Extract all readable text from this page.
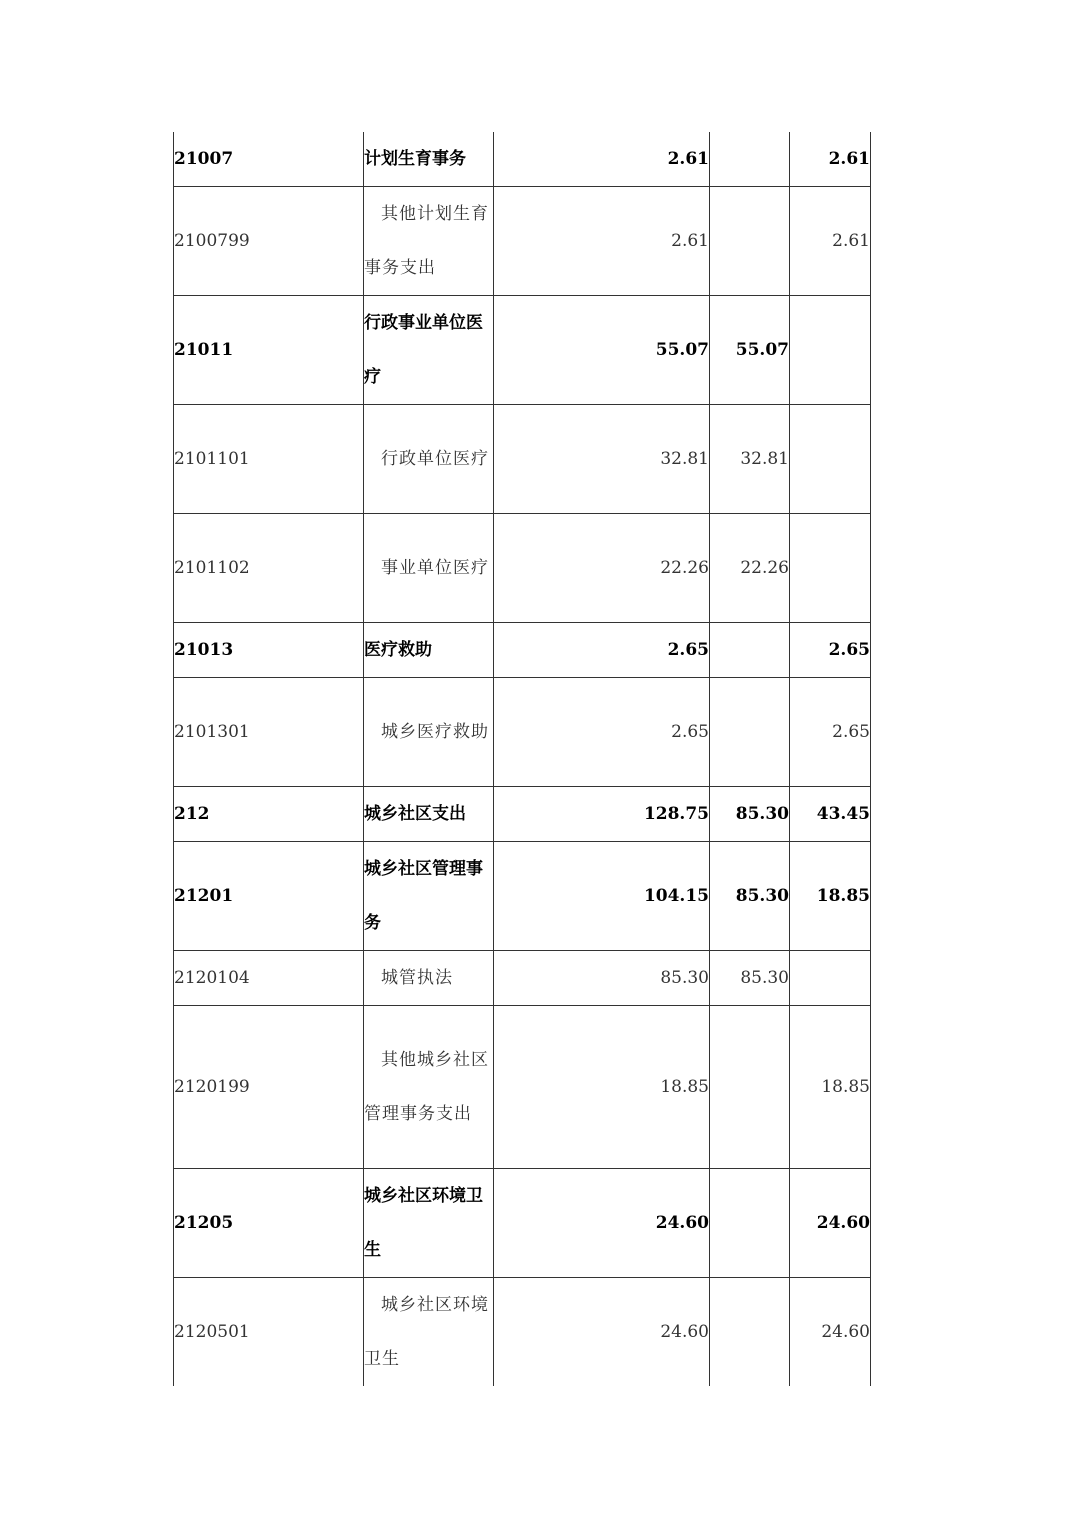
21007	计划生育事务	2.61		2.61
2100799	其他计划生育事务支出	2.61		2.61
21011	行政事业单位医疗	55.07	55.07	
2101101	行政单位医疗	32.81	32.81	
2101102	事业单位医疗	22.26	22.26	
21013	医疗救助	2.65		2.65
2101301	城乡医疗救助	2.65		2.65
212	城乡社区支出	128.75	85.30	43.45
21201	城乡社区管理事务	104.15	85.30	18.85
2120104	城管执法	85.30	85.30	
2120199	其他城乡社区管理事务支出	18.85		18.85
21205	城乡社区环境卫生	24.60		24.60
2120501	城乡社区环境卫生	24.60		24.60
